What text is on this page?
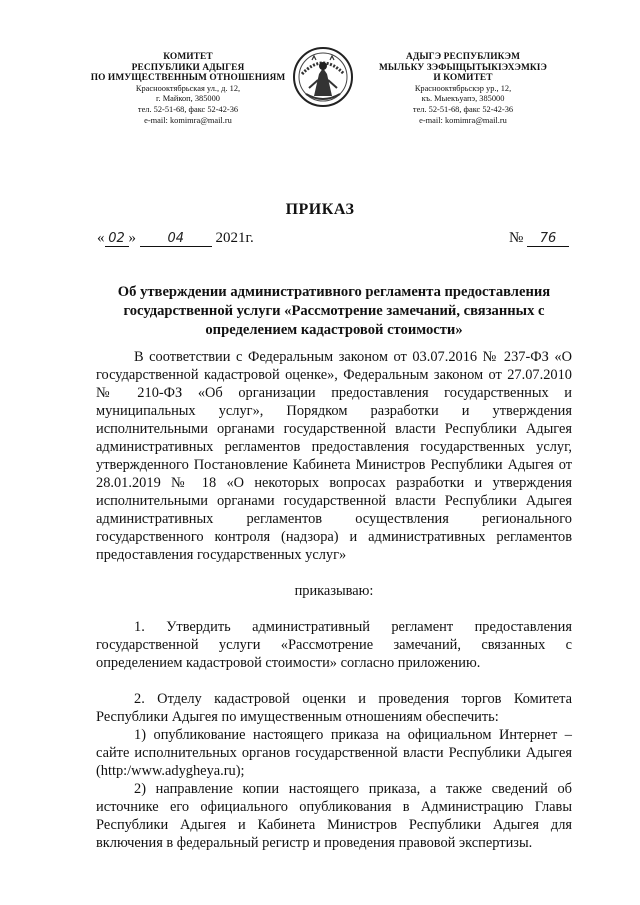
КОМИТЕТ
РЕСПУБЛИКИ АДЫГЕЯ
ПО ИМУЩЕСТВЕННЫМ ОТНОШЕНИЯМ
Краснооктябрьская ул., д. 12,
г. Майкоп, 385000
тел. 52-51-68, факс 52-42-36
e-mail: komimra@mail.ru
АДЫГЭ РЕСПУБЛИКЭМ
МЫЛЬКУ ЗЭФЫЩЫТЫКІЭХЭМКІЭ
И КОМИТЕТ
Краснооктябрьскэр ур., 12,
къ. Мыекъуапэ, 385000
тел. 52-51-68, факс 52-42-36
e-mail: komimra@mail.ru
ПРИКАЗ
« 02 » 04 2021г.	№ 76
Об утверждении административного регламента предоставления государственной услуги «Рассмотрение замечаний, связанных с определением кадастровой стоимости»

В соответствии с Федеральным законом от 03.07.2016 № 237-ФЗ «О государственной кадастровой оценке», Федеральным законом от 27.07.2010 № 210-ФЗ «Об организации предоставления государственных и муниципальных услуг», Порядком разработки и утверждения исполнительными органами государственной власти Республики Адыгея административных регламентов предоставления государственных услуг, утвержденного Постановление Кабинета Министров Республики Адыгея от 28.01.2019 № 18 «О некоторых вопросах разработки и утверждения исполнительными органами государственной власти Республики Адыгея административных регламентов осуществления регионального государственного контроля (надзора) и административных регламентов предоставления государственных услуг»

приказываю:

1. Утвердить административный регламент предоставления государственной услуги «Рассмотрение замечаний, связанных с определением кадастровой стоимости» согласно приложению.

2. Отделу кадастровой оценки и проведения торгов Комитета Республики Адыгея по имущественным отношениям обеспечить:

1) опубликование настоящего приказа на официальном Интернет – сайте исполнительных органов государственной власти Республики Адыгея (http:/www.adygheya.ru);

2) направление копии настоящего приказа, а также сведений об источнике его официального опубликования в Администрацию Главы Республики Адыгея и Кабинета Министров Республики Адыгея для включения в федеральный регистр и проведения правовой экспертизы.
